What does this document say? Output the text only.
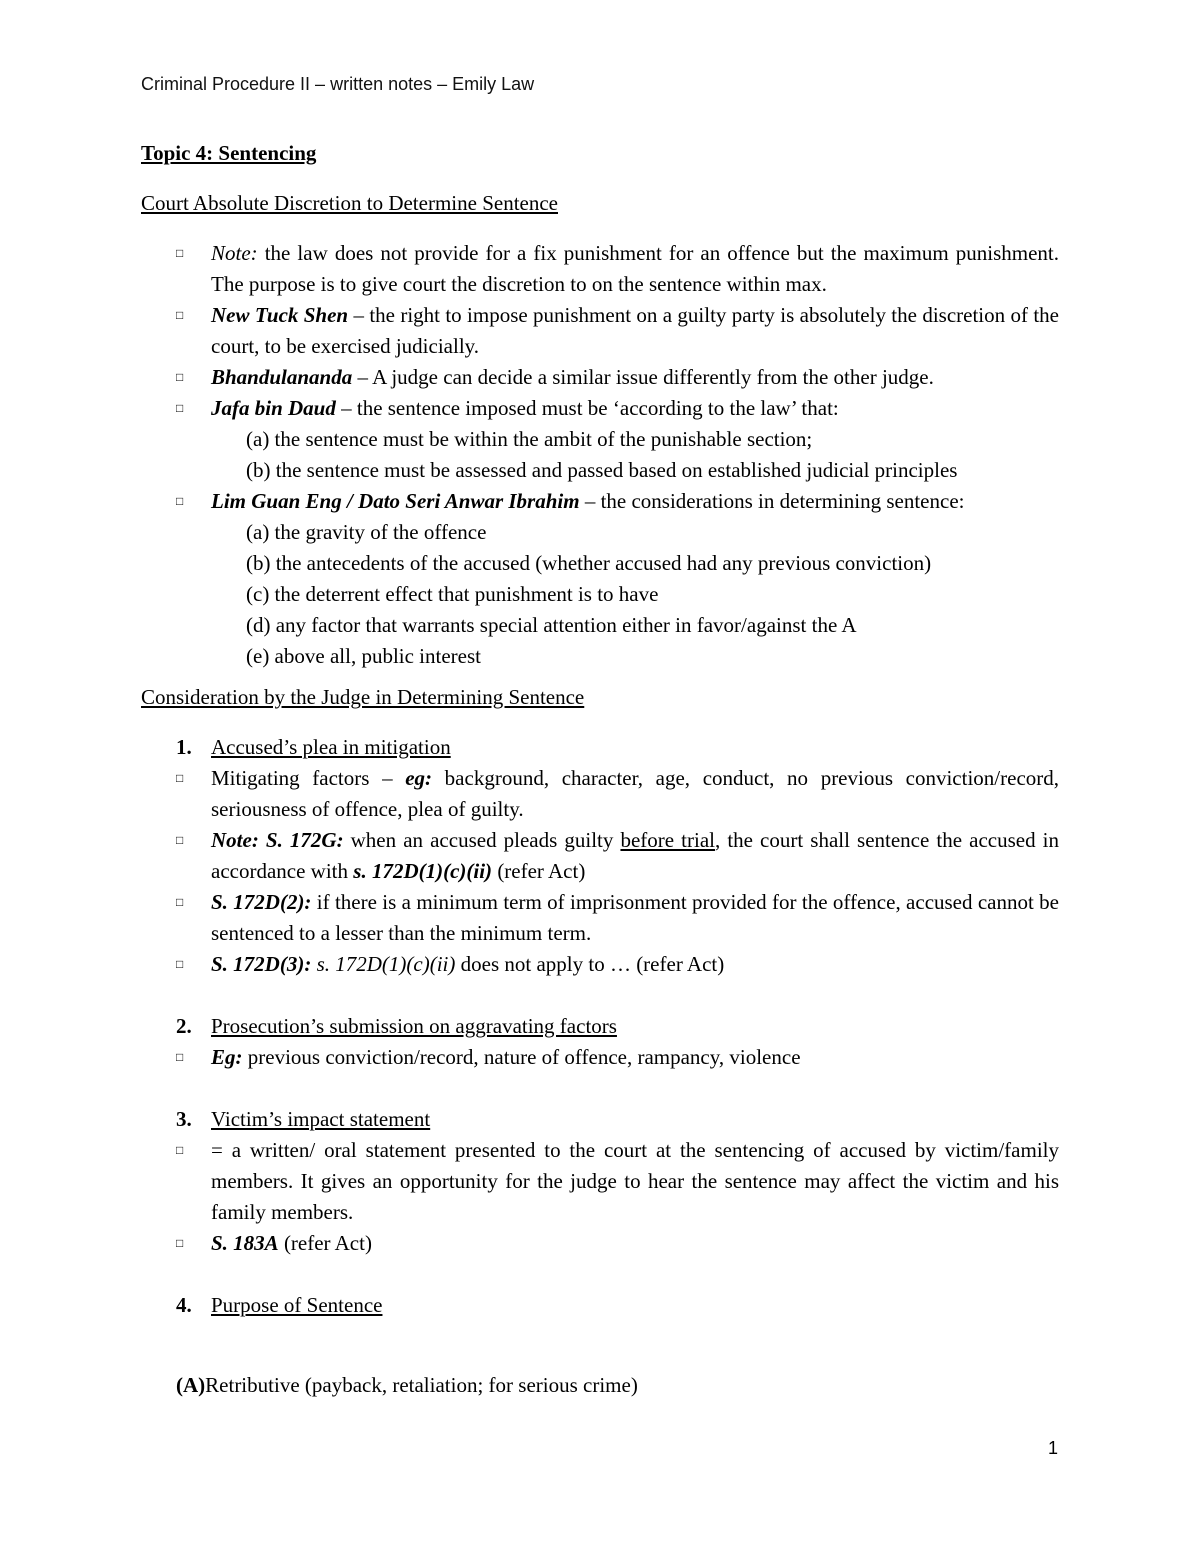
Criminal Procedure II – written notes – Emily Law

Topic 4: Sentencing

Court Absolute Discretion to Determine Sentence

□ Note: the law does not provide for a fix punishment for an offence but the maximum punishment. The purpose is to give court the discretion to on the sentence within max.
□ New Tuck Shen – the right to impose punishment on a guilty party is absolutely the discretion of the court, to be exercised judicially.
□ Bhandulananda – A judge can decide a similar issue differently from the other judge.
□ Jafa bin Daud – the sentence imposed must be ‘according to the law’ that:
(a) the sentence must be within the ambit of the punishable section;
(b) the sentence must be assessed and passed based on established judicial principles
□ Lim Guan Eng / Dato Seri Anwar Ibrahim – the considerations in determining sentence:
(a) the gravity of the offence
(b) the antecedents of the accused (whether accused had any previous conviction)
(c) the deterrent effect that punishment is to have
(d) any factor that warrants special attention either in favor/against the A
(e) above all, public interest

Consideration by the Judge in Determining Sentence

1. Accused’s plea in mitigation
□ Mitigating factors – eg: background, character, age, conduct, no previous conviction/record, seriousness of offence, plea of guilty.
□ Note: S. 172G: when an accused pleads guilty before trial, the court shall sentence the accused in accordance with s. 172D(1)(c)(ii) (refer Act)
□ S. 172D(2): if there is a minimum term of imprisonment provided for the offence, accused cannot be sentenced to a lesser than the minimum term.
□ S. 172D(3): s. 172D(1)(c)(ii) does not apply to … (refer Act)
2. Prosecution’s submission on aggravating factors
□ Eg: previous conviction/record, nature of offence, rampancy, violence
3. Victim’s impact statement
□ = a written/ oral statement presented to the court at the sentencing of accused by victim/family members. It gives an opportunity for the judge to hear the sentence may affect the victim and his family members.
□ S. 183A (refer Act)
4. Purpose of Sentence
(A)Retributive (payback, retaliation; for serious crime)
1
